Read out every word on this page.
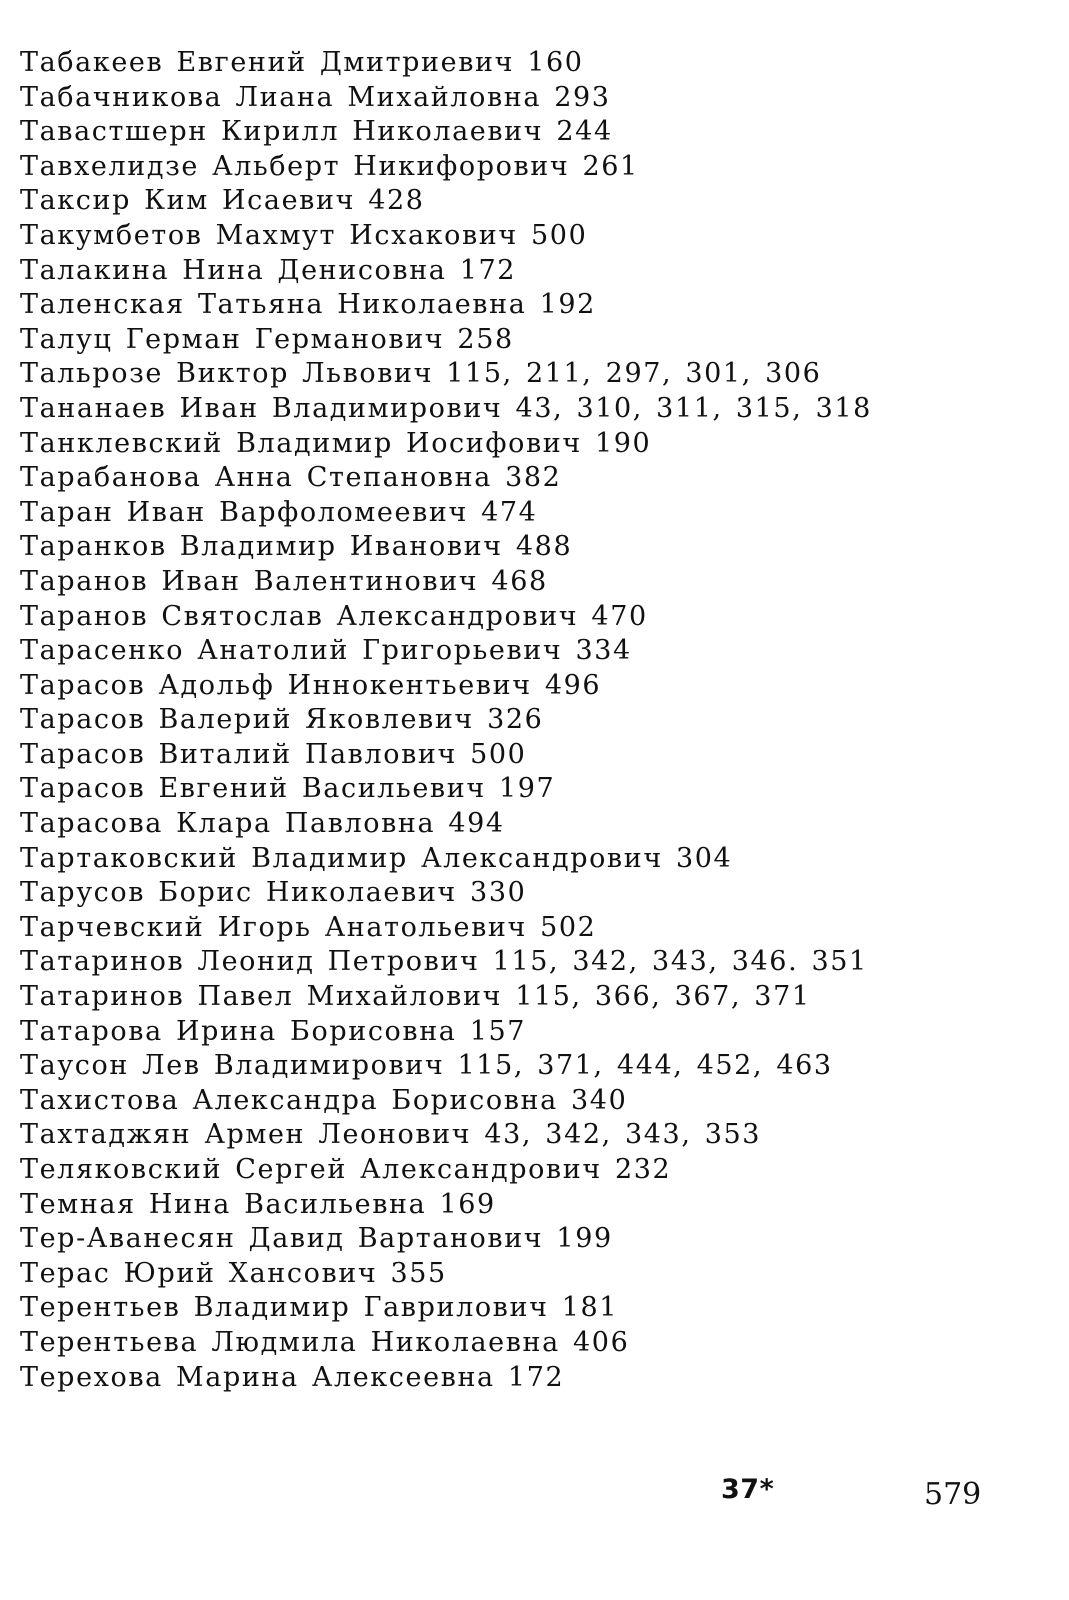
Табакеев Евгений Дмитриевич 160
Табачникова Лиана Михайловна 293
Тавастшерн Кирилл Николаевич 244
Тавхелидзе Альберт Никифорович 261
Таксир Ким Исаевич 428
Такумбетов Махмут Исхакович 500
Талакина Нина Денисовна 172
Таленская Татьяна Николаевна 192
Талуц Герман Германович 258
Тальрозе Виктор Львович 115, 211, 297, 301, 306
Тананаев Иван Владимирович 43, 310, 311, 315, 318
Танклевский Владимир Иосифович 190
Тарабанова Анна Степановна 382
Таран Иван Варфоломеевич 474
Таранков Владимир Иванович 488
Таранов Иван Валентинович 468
Таранов Святослав Александрович 470
Тарасенко Анатолий Григорьевич 334
Тарасов Адольф Иннокентьевич 496
Тарасов Валерий Яковлевич 326
Тарасов Виталий Павлович 500
Тарасов Евгений Васильевич 197
Тарасова Клара Павловна 494
Тартаковский Владимир Александрович 304
Тарусов Борис Николаевич 330
Тарчевский Игорь Анатольевич 502
Татаринов Леонид Петрович 115, 342, 343, 346. 351
Татаринов Павел Михайлович 115, 366, 367, 371
Татарова Ирина Борисовна 157
Таусон Лев Владимирович 115, 371, 444, 452, 463
Тахистова Александра Борисовна 340
Тахтаджян Армен Леонович 43, 342, 343, 353
Теляковский Сергей Александрович 232
Темная Нина Васильевна 169
Тер-Аванесян Давид Вартанович 199
Терас Юрий Хансович 355
Терентьев Владимир Гаврилович 181
Терентьева Людмила Николаевна 406
Терехова Марина Алексеевна 172
37*	579
